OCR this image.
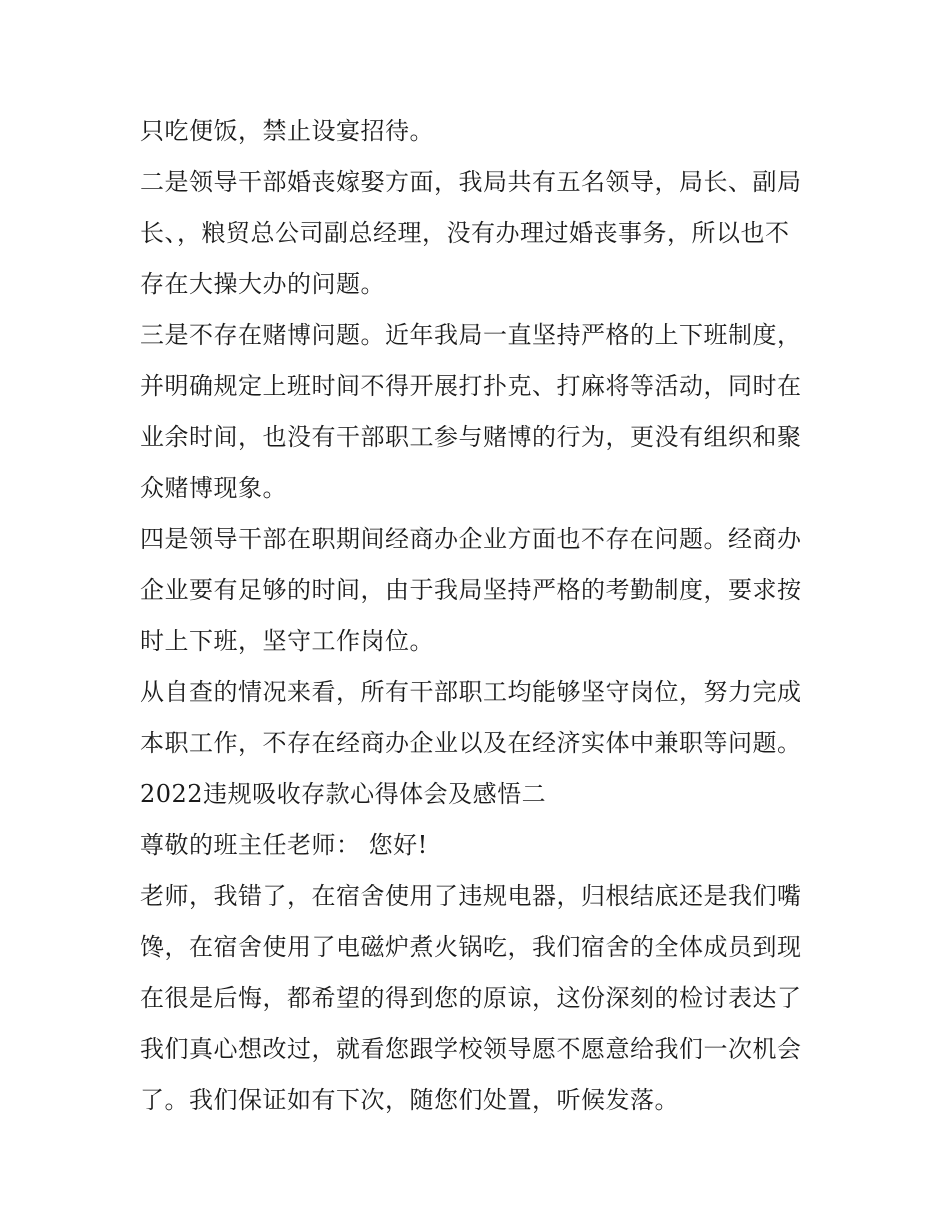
只吃便饭，禁止设宴招待。

二是领导干部婚丧嫁娶方面，我局共有五名领导，局长、副局
长、，粮贸总公司副总经理，没有办理过婚丧事务，所以也不
存在大操大办的问题。

三是不存在赌博问题。近年我局一直坚持严格的上下班制度，
并明确规定上班时间不得开展打扑克、打麻将等活动，同时在
业余时间，也没有干部职工参与赌博的行为，更没有组织和聚
众赌博现象。

四是领导干部在职期间经商办企业方面也不存在问题。经商办
企业要有足够的时间，由于我局坚持严格的考勤制度，要求按
时上下班，坚守工作岗位。

从自查的情况来看，所有干部职工均能够坚守岗位，努力完成
本职工作，不存在经商办企业以及在经济实体中兼职等问题。

2022违规吸收存款心得体会及感悟二

尊敬的班主任老师： 您好!

老师，我错了，在宿舍使用了违规电器，归根结底还是我们嘴
馋，在宿舍使用了电磁炉煮火锅吃，我们宿舍的全体成员到现
在很是后悔，都希望的得到您的原谅，这份深刻的检讨表达了
我们真心想改过，就看您跟学校领导愿不愿意给我们一次机会
了。我们保证如有下次，随您们处置，听候发落。
